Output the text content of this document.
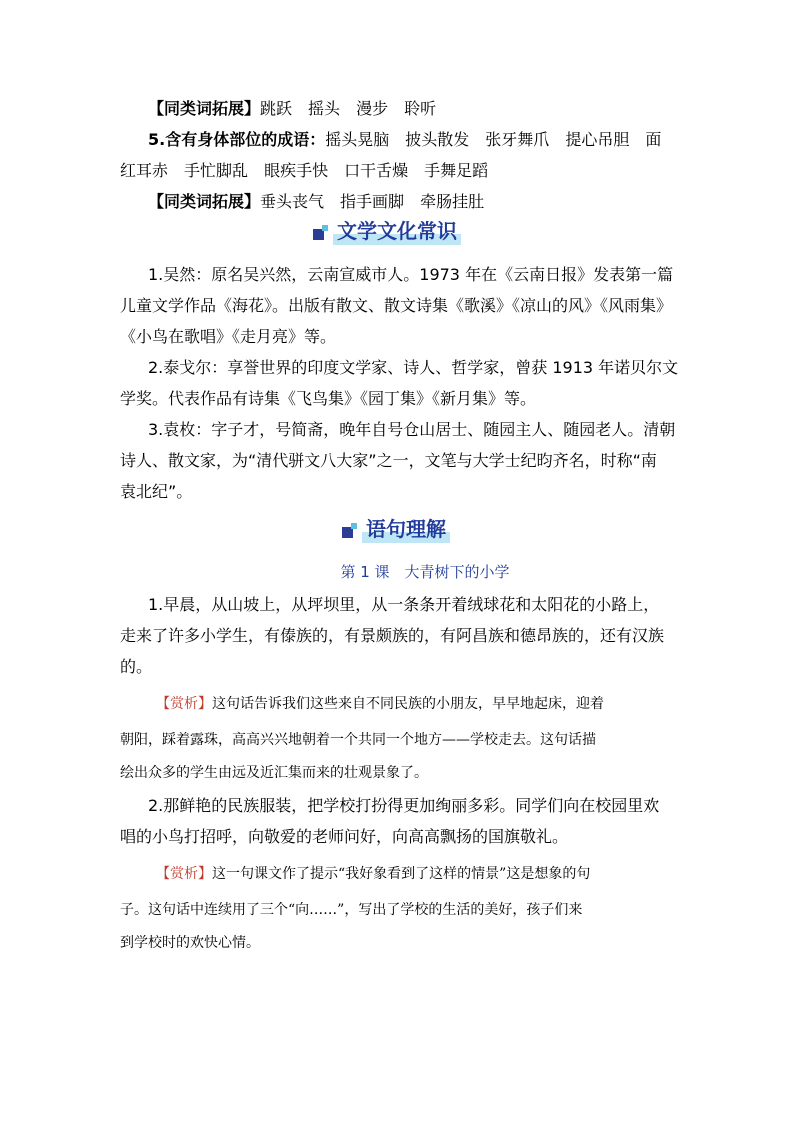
【同类词拓展】跳跃　 摇头　 漫步　 聆听
5.含有身体部位的成语：摇头晃脑　 披头散发　 张牙舞爪　 提心吊胆　 面
红耳赤　 手忙脚乱　 眼疾手快　 口干舌燥　 手舞足蹈
【同类词拓展】垂头丧气　 指手画脚　 牵肠挂肚
文学文化常识
1.吴然：原名吴兴然，云南宣威市人。1973 年在《云南日报》发表第一篇
儿童文学作品《海花》。出版有散文、散文诗集《歌溪》《凉山的风》《风雨集》
《小鸟在歌唱》《走月亮》等。
2.泰戈尔：享誉世界的印度文学家、诗人、哲学家，曾获 1913 年诺贝尔文
学奖。代表作品有诗集《飞鸟集》《园丁集》《新月集》等。
3.袁枚：字子才，号简斋，晚年自号仓山居士、随园主人、随园老人。清朝
诗人、散文家，为“清代骈文八大家”之一，文笔与大学士纪昀齐名，时称“南
袁北纪”。
语句理解
第 1 课　大青树下的小学
1.早晨，从山坡上，从坪坝里，从一条条开着绒球花和太阳花的小路上，
走来了许多小学生，有傣族的，有景颇族的，有阿昌族和德昂族的，还有汉族
的。
【赏析】这句话告诉我们这些来自不同民族的小朋友，早早地起床，迎着
朝阳，踩着露珠，高高兴兴地朝着一个共同一个地方——学校走去。这句话描
绘出众多的学生由远及近汇集而来的壮观景象了。
2.那鲜艳的民族服装，把学校打扮得更加绚丽多彩。同学们向在校园里欢
唱的小鸟打招呼，向敬爱的老师问好，向高高飘扬的国旗敬礼。
【赏析】这一句课文作了提示“我好象看到了这样的情景”这是想象的句
子。这句话中连续用了三个“向……”，写出了学校的生活的美好，孩子们来
到学校时的欢快心情。
